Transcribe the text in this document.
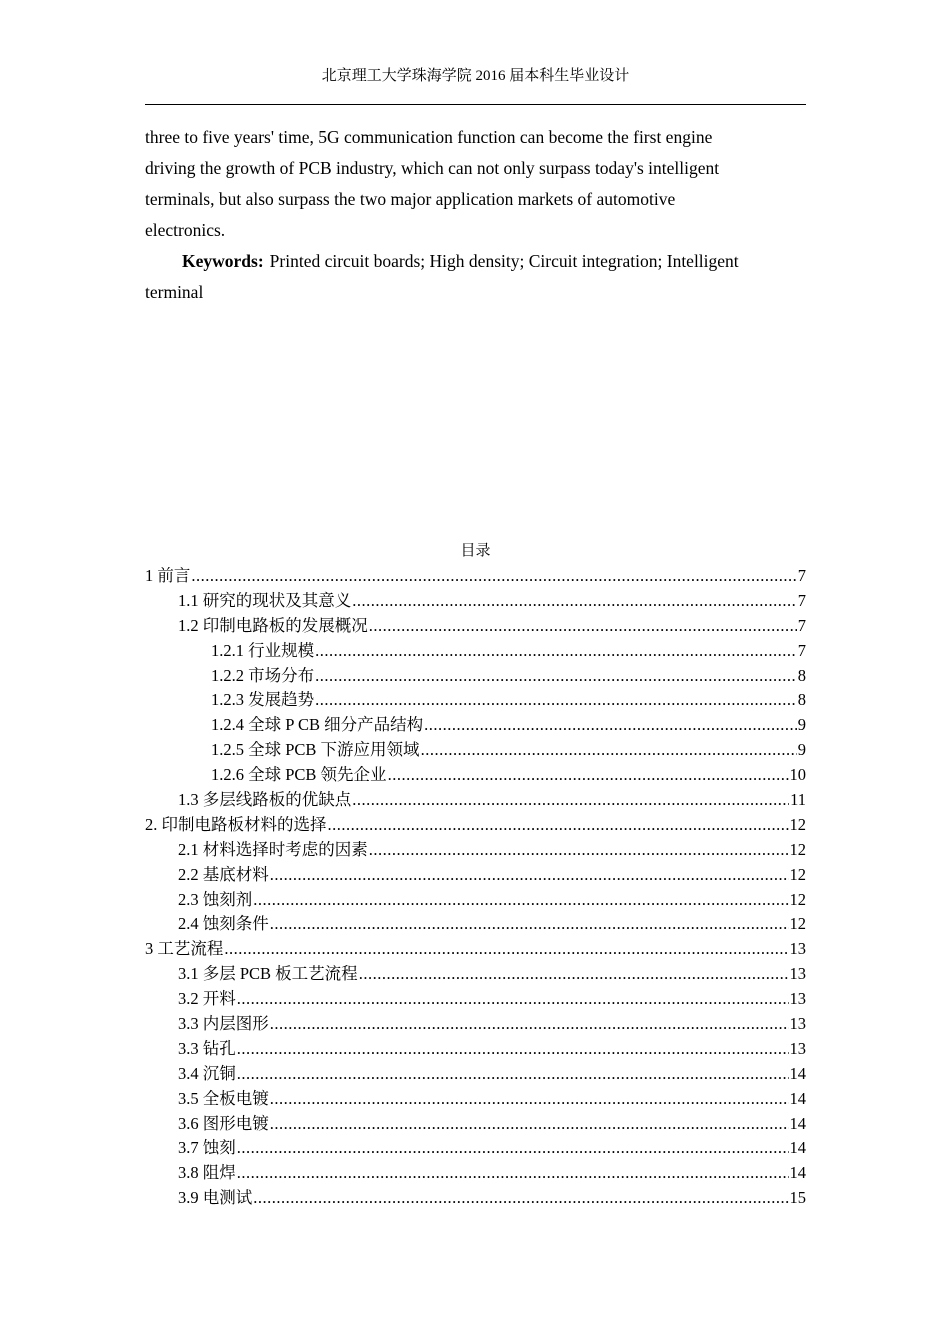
北京理工大学珠海学院 2016 届本科生毕业设计

three to five years' time, 5G communication function can become the first engine

driving the growth of PCB industry, which can not only surpass today's intelligent

terminals, but also surpass the two major application markets of automotive

electronics.

Keywords: Printed circuit boards; High density; Circuit integration; Intelligent

terminal

目录
1 前言 .....	7
1.1 研究的现状及其意义 .....	7
1.2 印制电路板的发展概况 .....	7
1.2.1 行业规模 .....	7
1.2.2 市场分布 .....	8
1.2.3 发展趋势 .....	8
1.2.4 全球 P CB 细分产品结构 .....	9
1.2.5 全球 PCB 下游应用领域 .....	9
1.2.6 全球 PCB 领先企业 .....	10
1.3 多层线路板的优缺点 .....	11
2. 印制电路板材料的选择 .....	12
2.1 材料选择时考虑的因素 .....	12
2.2 基底材料 .....	12
2.3 蚀刻剂 .....	12
2.4 蚀刻条件 .....	12
3 工艺流程 .....	13
3.1 多层 PCB 板工艺流程 .....	13
3.2 开料 .....	13
3.3 内层图形 .....	13
3.3 钻孔 .....	13
3.4 沉铜 .....	14
3.5 全板电镀 .....	14
3.6 图形电镀 .....	14
3.7 蚀刻 .....	14
3.8 阻焊 .....	14
3.9 电测试 .....	15
